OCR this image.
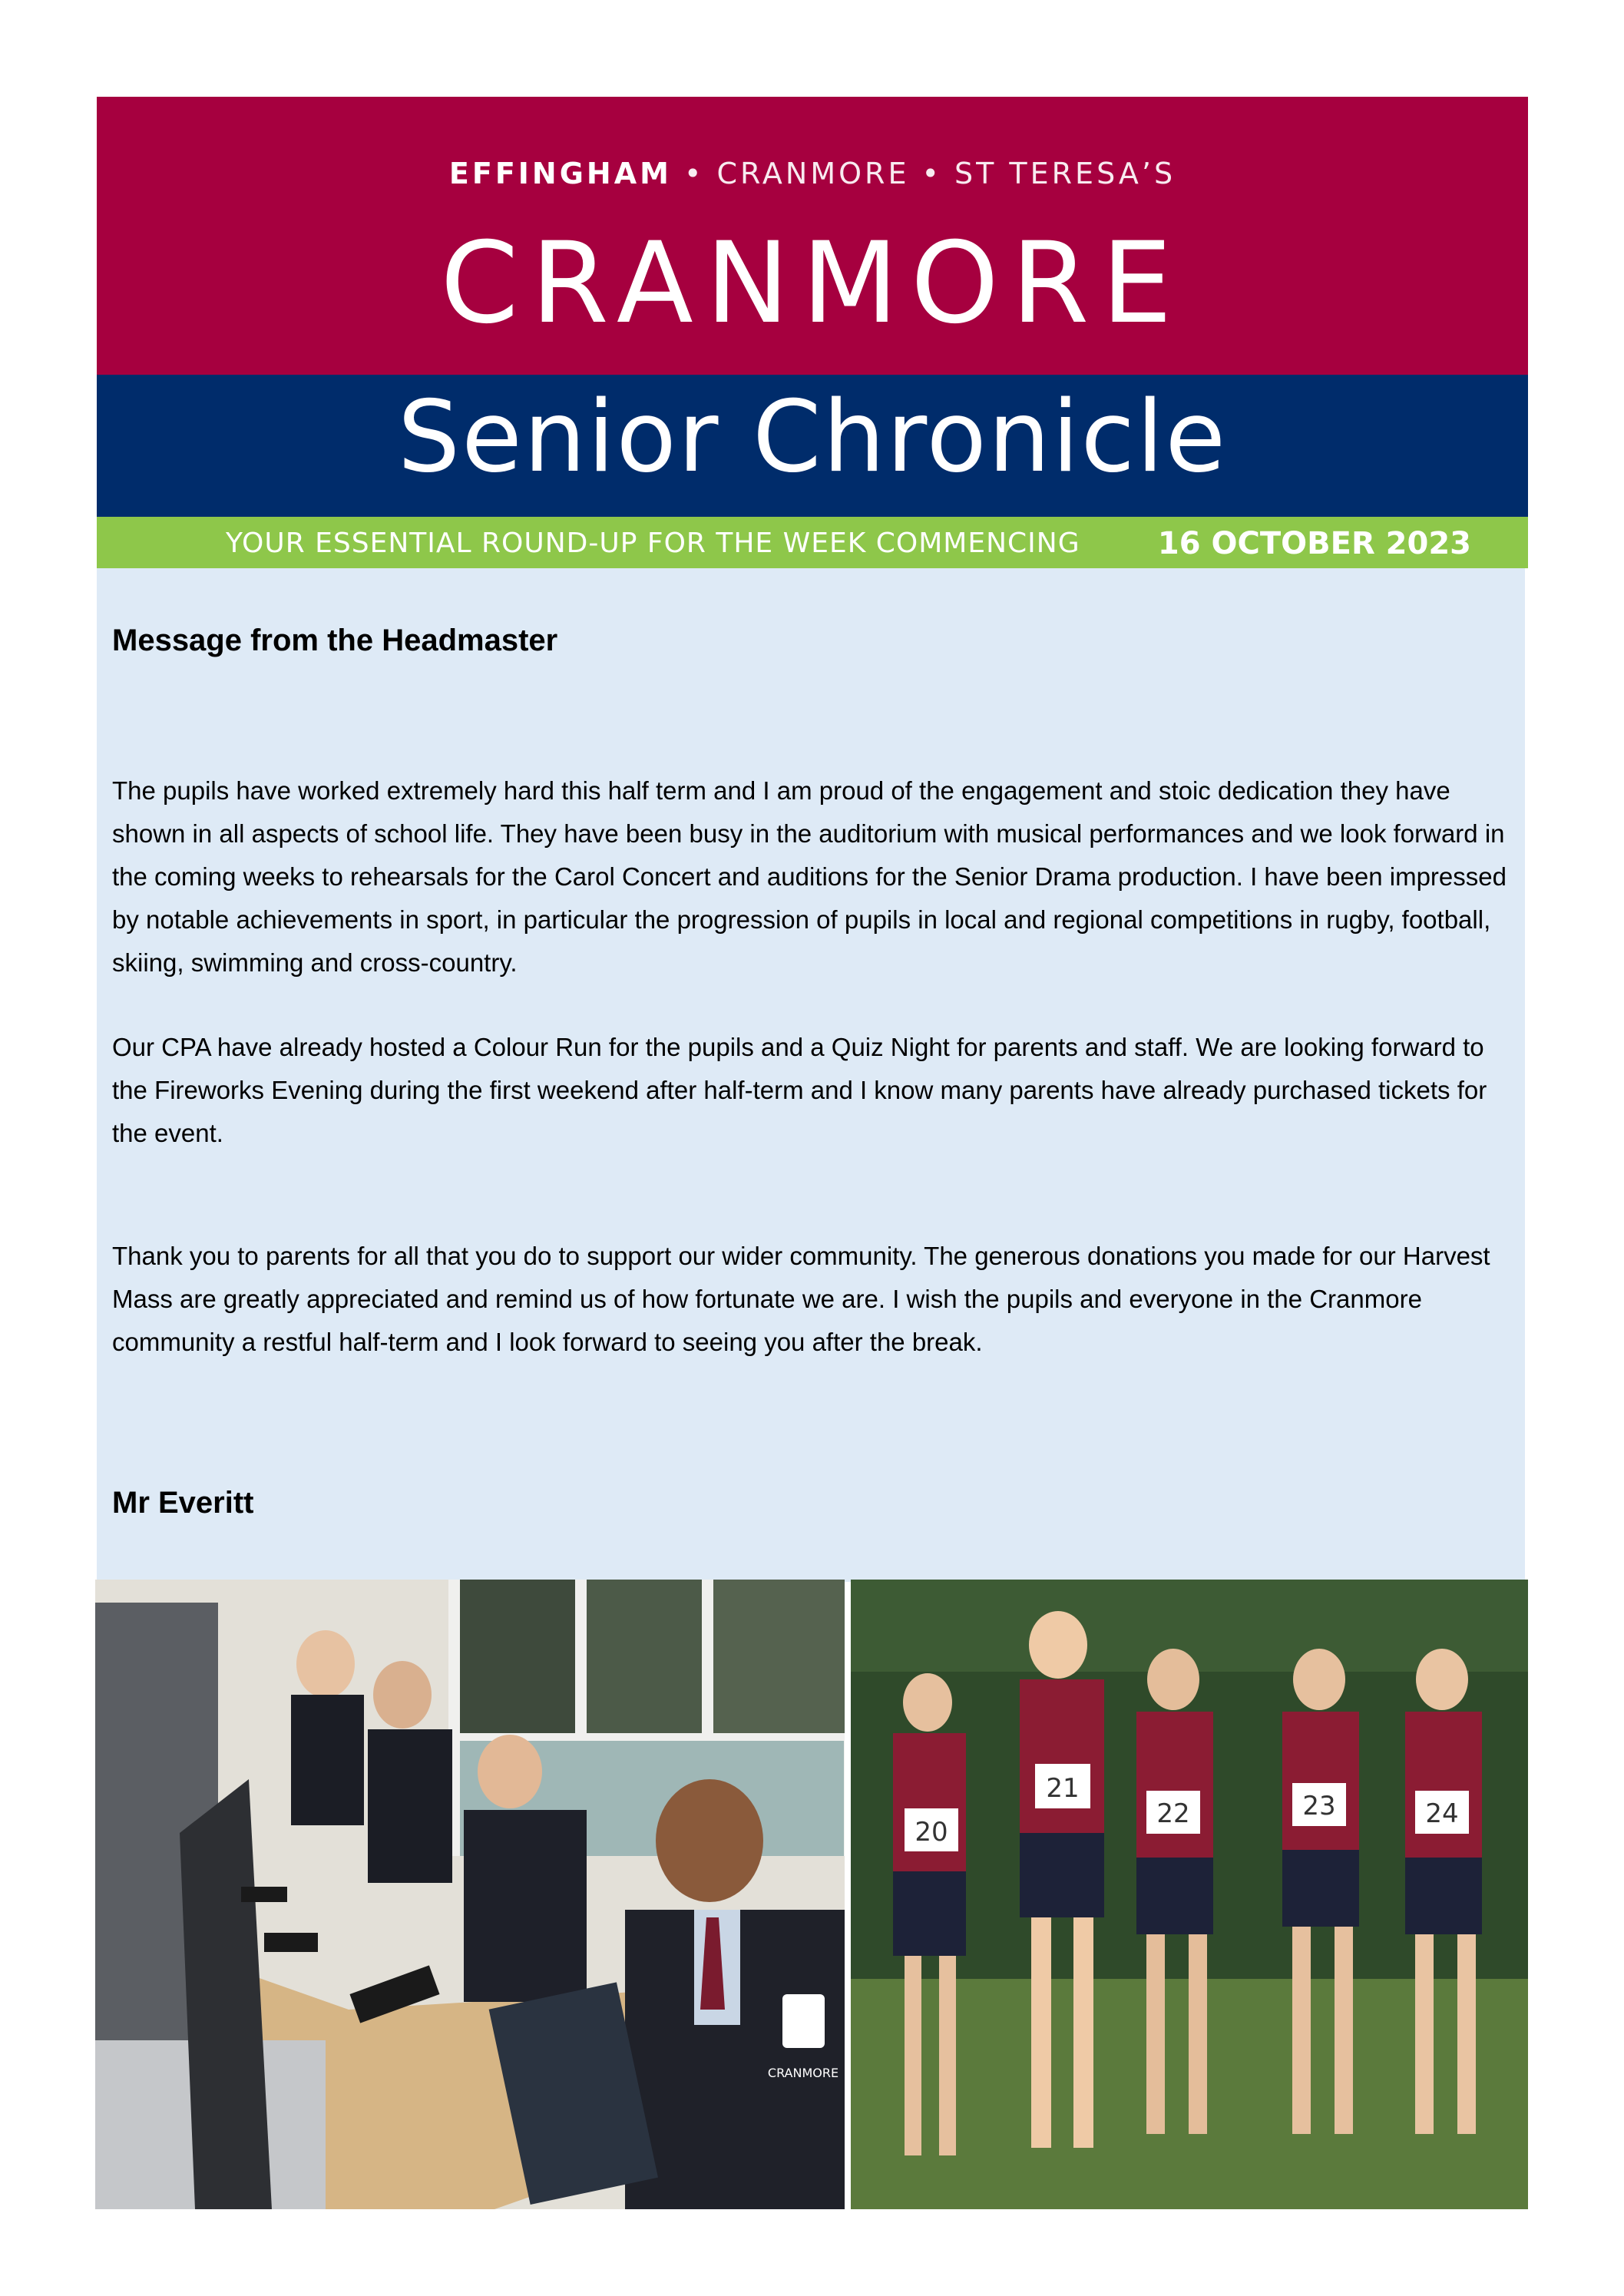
EFFINGHAM • CRANMORE • ST TERESA’S
CRANMORE
Senior Chronicle
YOUR ESSENTIAL ROUND-UP FOR THE WEEK COMMENCING	16 OCTOBER 2023
Message from the Headmaster

The pupils have worked extremely hard this half term and I am proud of the engagement and stoic dedication they have shown in all aspects of school life. They have been busy in the auditorium with musical performances and we look forward in the coming weeks to rehearsals for the Carol Concert and auditions for the Senior Drama production. I have been impressed by notable achievements in sport, in particular the progression of pupils in local and regional competitions in rugby, football, skiing, swimming and cross-country.

Our CPA have already hosted a Colour Run for the pupils and a Quiz Night for parents and staff. We are looking forward to the Fireworks Evening during the first weekend after half-term and I know many parents have already purchased tickets for the event.

Thank you to parents for all that you do to support our wider community. The generous donations you made for our Harvest Mass are greatly appreciated and remind us of how fortunate we are. I wish the pupils and everyone in the Cranmore community a restful half-term and I look forward to seeing you after the break.

Mr Everitt
CRANMORE
20
21
22	23	24
